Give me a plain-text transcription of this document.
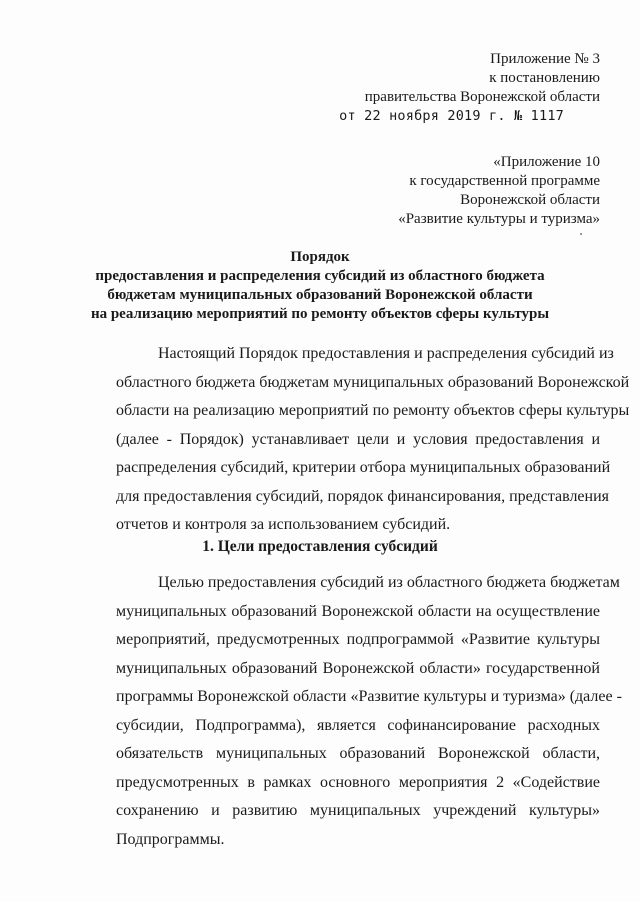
Приложение № 3
к постановлению
правительства Воронежской области
от 22 ноября 2019 г. № 1117
«Приложение 10
к государственной программе
Воронежской области
«Развитие культуры и туризма»
Порядок
предоставления и распределения субсидий из областного бюджета
бюджетам муниципальных образований Воронежской области
на реализацию мероприятий по ремонту объектов сферы культуры
Настоящий Порядок предоставления и распределения субсидий из
областного бюджета бюджетам муниципальных образований Воронежской
области на реализацию мероприятий по ремонту объектов сферы культуры
(далее - Порядок) устанавливает цели и условия предоставления и
распределения субсидий, критерии отбора муниципальных образований
для предоставления субсидий, порядок финансирования, представления
отчетов и контроля за использованием субсидий.
1. Цели предоставления субсидий
Целью предоставления субсидий из областного бюджета бюджетам
муниципальных образований Воронежской области на осуществление
мероприятий, предусмотренных подпрограммой «Развитие культуры
муниципальных образований Воронежской области» государственной
программы Воронежской области «Развитие культуры и туризма» (далее -
субсидии, Подпрограмма), является софинансирование расходных
обязательств муниципальных образований Воронежской области,
предусмотренных в рамках основного мероприятия 2 «Содействие
сохранению и развитию муниципальных учреждений культуры»
Подпрограммы.
